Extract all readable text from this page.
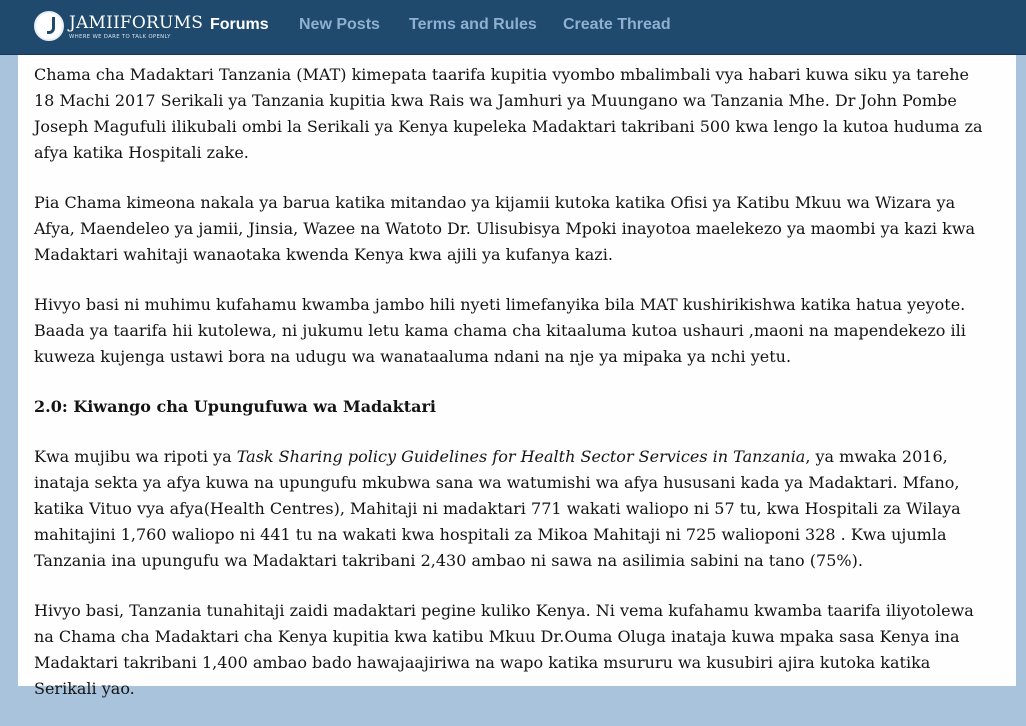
JAMIIFORUMS
WHERE WE DARE TO TALK OPENLY
Forums New Posts Terms and Rules Create Thread

Chama cha Madaktari Tanzania (MAT) kimepata taarifa kupitia vyombo mbalimbali vya habari kuwa siku ya tarehe 18 Machi 2017 Serikali ya Tanzania kupitia kwa Rais wa Jamhuri ya Muungano wa Tanzania Mhe. Dr John Pombe Joseph Magufuli ilikubali ombi la Serikali ya Kenya kupeleka Madaktari takribani 500 kwa lengo la kutoa huduma za afya katika Hospitali zake.

Pia Chama kimeona nakala ya barua katika mitandao ya kijamii kutoka katika Ofisi ya Katibu Mkuu wa Wizara ya Afya, Maendeleo ya jamii, Jinsia, Wazee na Watoto Dr. Ulisubisya Mpoki inayotoa maelekezo ya maombi ya kazi kwa Madaktari wahitaji wanaotaka kwenda Kenya kwa ajili ya kufanya kazi.

Hivyo basi ni muhimu kufahamu kwamba jambo hili nyeti limefanyika bila MAT kushirikishwa katika hatua yeyote. Baada ya taarifa hii kutolewa, ni jukumu letu kama chama cha kitaaluma kutoa ushauri ,maoni na mapendekezo ili kuweza kujenga ustawi bora na udugu wa wanataaluma ndani na nje ya mipaka ya nchi yetu.

2.0: Kiwango cha Upungufuwa wa Madaktari

Kwa mujibu wa ripoti ya Task Sharing policy Guidelines for Health Sector Services in Tanzania, ya mwaka 2016, inataja sekta ya afya kuwa na upungufu mkubwa sana wa watumishi wa afya hususani kada ya Madaktari. Mfano, katika Vituo vya afya(Health Centres), Mahitaji ni madaktari 771 wakati waliopo ni 57 tu, kwa Hospitali za Wilaya mahitajini 1,760 waliopo ni 441 tu na wakati kwa hospitali za Mikoa Mahitaji ni 725 walioponi 328 . Kwa ujumla Tanzania ina upungufu wa Madaktari takribani 2,430 ambao ni sawa na asilimia sabini na tano (75%).

Hivyo basi, Tanzania tunahitaji zaidi madaktari pegine kuliko Kenya. Ni vema kufahamu kwamba taarifa iliyotolewa na Chama cha Madaktari cha Kenya kupitia kwa katibu Mkuu Dr.Ouma Oluga inataja kuwa mpaka sasa Kenya ina Madaktari takribani 1,400 ambao bado hawajaajiriwa na wapo katika msururu wa kusubiri ajira kutoka katika Serikali yao.
